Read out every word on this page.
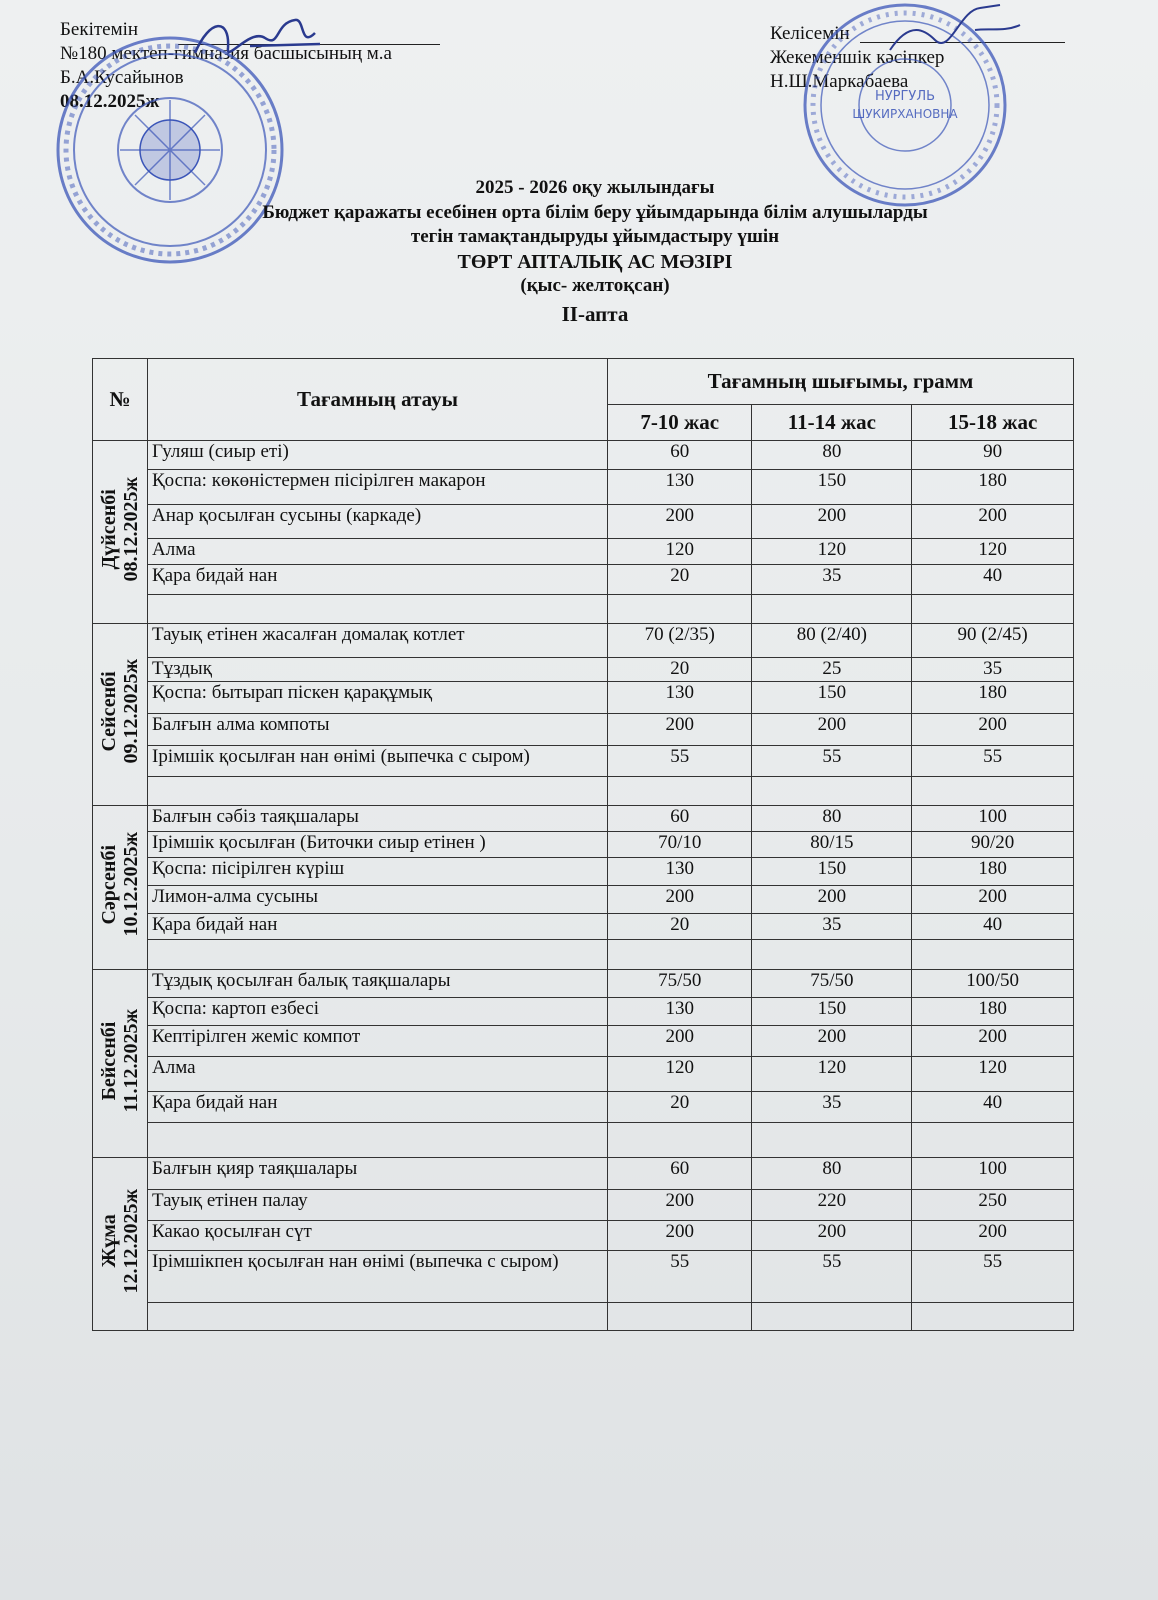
Бекітемін
№180 мектеп-гимназия басшысының м.а
Б.А.Кусайынов
08.12.2025ж
Келісемін
Жекеменшік кәсіпкер
Н.Ш.Маркабаева
НУРГУЛЬ
ШУКИРХАНОВНА
2025 - 2026 оқу жылындағы
Бюджет қаражаты есебінен орта білім беру ұйымдарында білім алушыларды
тегін тамақтандыруды ұйымдастыру үшін
ТӨРТ АПТАЛЫҚ АС МӘЗІРІ
(қыс- желтоқсан)
II-апта
№	Тағамның атауы	Тағамның шығымы, грамм		
		7-10 жас	11-14 жас	15-18 жас

Дүйсенбі 08.12.2025ж	Гуляш (сиыр еті)	60	80	90
	Қоспа: көкөністермен пісірілген макарон	130	150	180
	Анар қосылған сусыны (каркаде)	200	200	200
	Алма	120	120	120
	Қара бидай нан	20	35	40

Сейсенбі 09.12.2025ж	Тауық етінен жасалған домалақ котлет	70 (2/35)	80 (2/40)	90 (2/45)
	Тұздық	20	25	35
	Қоспа: бытырап піскен қарақұмық	130	150	180
	Балғын алма компоты	200	200	200
	Ірімшік қосылған нан өнімі (выпечка с сыром)	55	55	55

Сәрсенбі 10.12.2025ж	Балғын сәбіз таяқшалары	60	80	100
	Ірімшік қосылған (Биточки сиыр етінен )	70/10	80/15	90/20
	Қоспа: пісірілген күріш	130	150	180
	Лимон-алма сусыны	200	200	200
	Қара бидай нан	20	35	40

Бейсенбі 11.12.2025ж	Тұздық қосылған балық таяқшалары	75/50	75/50	100/50
	Қоспа: картоп езбесі	130	150	180
	Кептірілген жеміс компот	200	200	200
	Алма	120	120	120
	Қара бидай нан	20	35	40

Жұма 12.12.2025ж	Балғын қияр таяқшалары	60	80	100
	Тауық етінен палау	200	220	250
	Какао қосылған сүт	200	200	200
	Ірімшікпен қосылған нан өнімі (выпечка с сыром)	55	55	55
